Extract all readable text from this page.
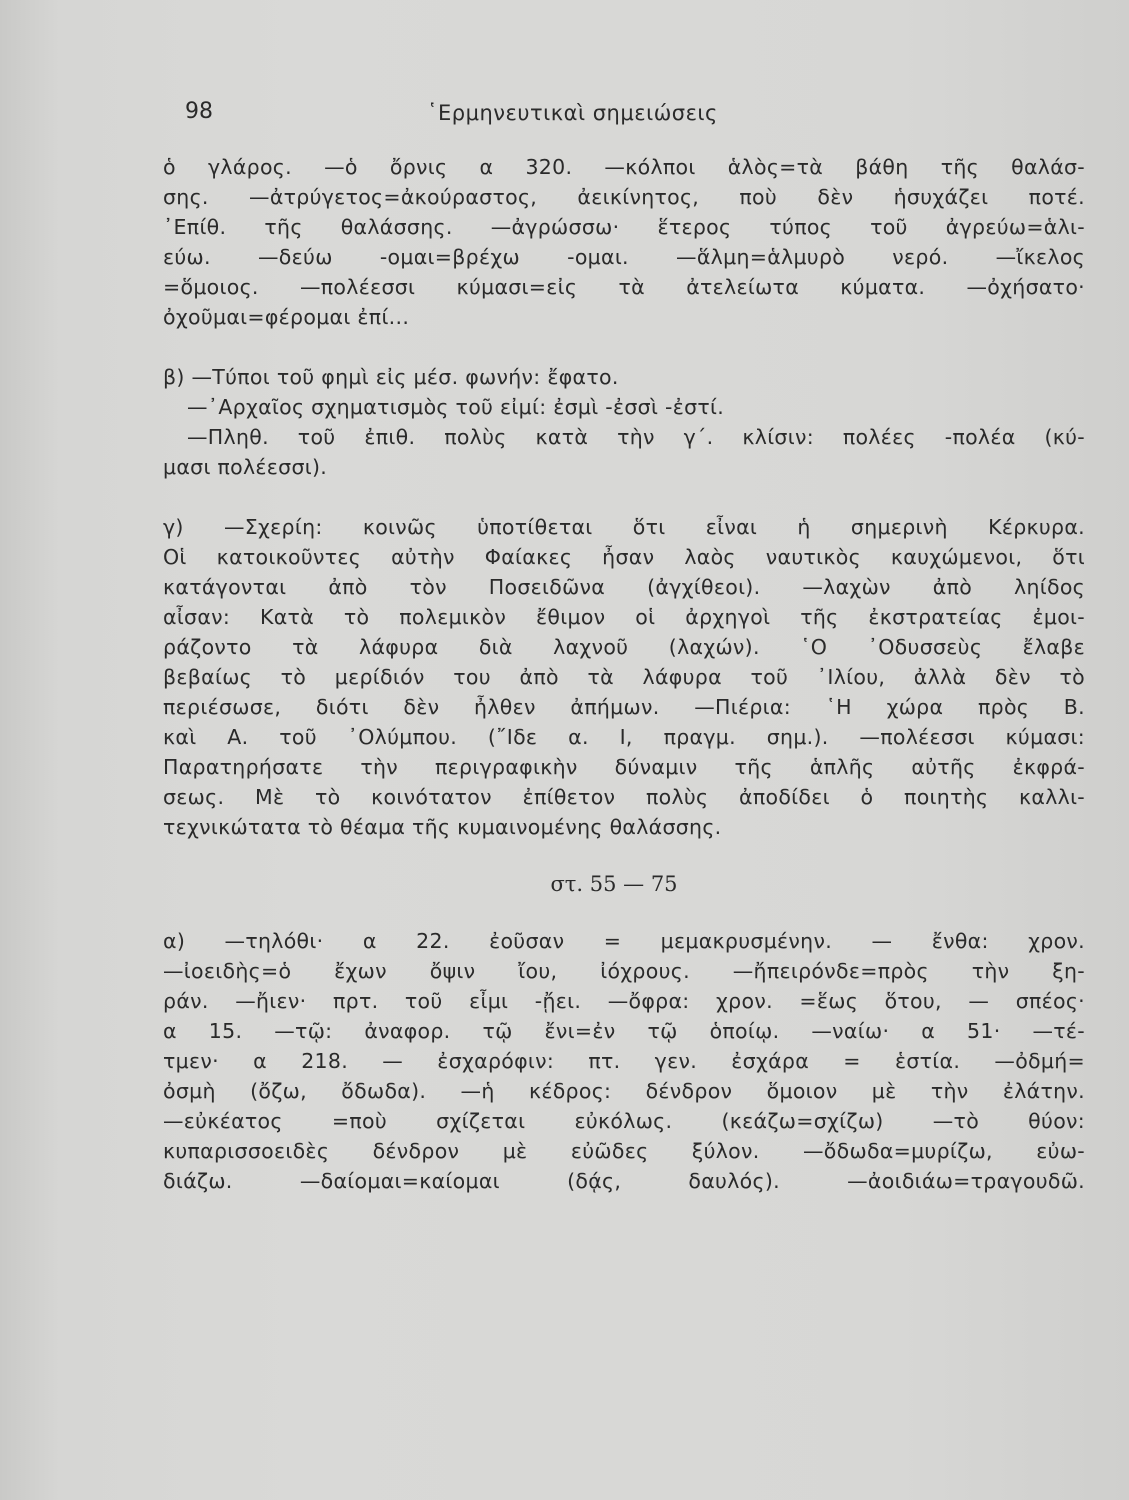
98	῾Ερμηνευτικαὶ σημειώσεις
ὁ γλάρος. —ὁ ὄρνις α 320. —κόλποι ἁλὸς=τὰ βάθη τῆς θαλάσ-
σης. —ἀτρύγετος=ἀκούραστος, ἀεικίνητος, ποὺ δὲν ἡσυχάζει ποτέ.
᾿Επίθ. τῆς θαλάσσης. —ἀγρώσσω· ἕτερος τύπος τοῦ ἀγρεύω=ἁλι-
εύω. —δεύω -ομαι=βρέχω -ομαι. —ἅλμη=ἁλμυρὸ νερό. —ἴκελος
=ὅμοιος. —πολέεσσι κύμασι=εἰς τὰ ἀτελείωτα κύματα. —ὀχήσατο·
ὀχοῦμαι=φέρομαι ἐπί...
β) —Τύποι τοῦ φημὶ εἰς μέσ. φωνήν: ἔφατο.
—᾿Αρχαῖος σχηματισμὸς τοῦ εἰμί: ἐσμὶ -ἐσσὶ -ἐστί.
—Πληθ. τοῦ ἐπιθ. πολὺς κατὰ τὴν γ΄. κλίσιν: πολέες -πολέα (κύ-
μασι πολέεσσι).
γ) —Σχερίη: κοινῶς ὑποτίθεται ὅτι εἶναι ἡ σημερινὴ Κέρκυρα.
Οἱ κατοικοῦντες αὐτὴν Φαίακες ἦσαν λαὸς ναυτικὸς καυχώμενοι, ὅτι
κατάγονται ἀπὸ τὸν Ποσειδῶνα (ἀγχίθεοι). —λαχὼν ἀπὸ ληίδος
αἶσαν: Κατὰ τὸ πολεμικὸν ἔθιμον οἱ ἀρχηγοὶ τῆς ἐκστρατείας ἐμοι-
ράζοντο τὰ λάφυρα διὰ λαχνοῦ (λαχών). ῾Ο ᾿Οδυσσεὺς ἔλαβε
βεβαίως τὸ μερίδιόν του ἀπὸ τὰ λάφυρα τοῦ ᾿Ιλίου, ἀλλὰ δὲν τὸ
περιέσωσε, διότι δὲν ἦλθεν ἀπήμων. —Πιέρια: ῾Η χώρα πρὸς Β.
καὶ Α. τοῦ ᾿Ολύμπου. (῎Ιδε α. Ι, πραγμ. σημ.). —πολέεσσι κύμασι:
Παρατηρήσατε τὴν περιγραφικὴν δύναμιν τῆς ἁπλῆς αὐτῆς ἐκφρά-
σεως. Μὲ τὸ κοινότατον ἐπίθετον πολὺς ἀποδίδει ὁ ποιητὴς καλλι-
τεχνικώτατα τὸ θέαμα τῆς κυμαινομένης θαλάσσης.
στ. 55 — 75
α) —τηλόθι· α 22. ἐοῦσαν = μεμακρυσμένην. — ἔνθα: χρον.
—ἰοειδὴς=ὁ ἔχων ὄψιν ἴου, ἰόχρους. —ἤπειρόνδε=πρὸς τὴν ξη-
ράν. —ἤιεν· πρτ. τοῦ εἶμι -ᾔει. —ὄφρα: χρον. =ἕως ὅτου, — σπέος·
α 15. —τῷ: ἀναφορ. τῷ ἔνι=ἐν τῷ ὁποίῳ. —ναίω· α 51· —τέ-
τμεν· α 218. — ἐσχαρόφιν: πτ. γεν. ἐσχάρα = ἑστία. —ὀδμή=
ὀσμὴ (ὄζω, ὄδωδα). —ἡ κέδρος: δένδρον ὅμοιον μὲ τὴν ἐλάτην.
—εὐκέατος =ποὺ σχίζεται εὐκόλως. (κεάζω=σχίζω) —τὸ θύον:
κυπαρισσοειδὲς δένδρον μὲ εὐῶδες ξύλον. —ὄδωδα=μυρίζω, εὐω-
διάζω. —δαίομαι=καίομαι (δᾴς, δαυλός). —ἀοιδιάω=τραγουδῶ.
